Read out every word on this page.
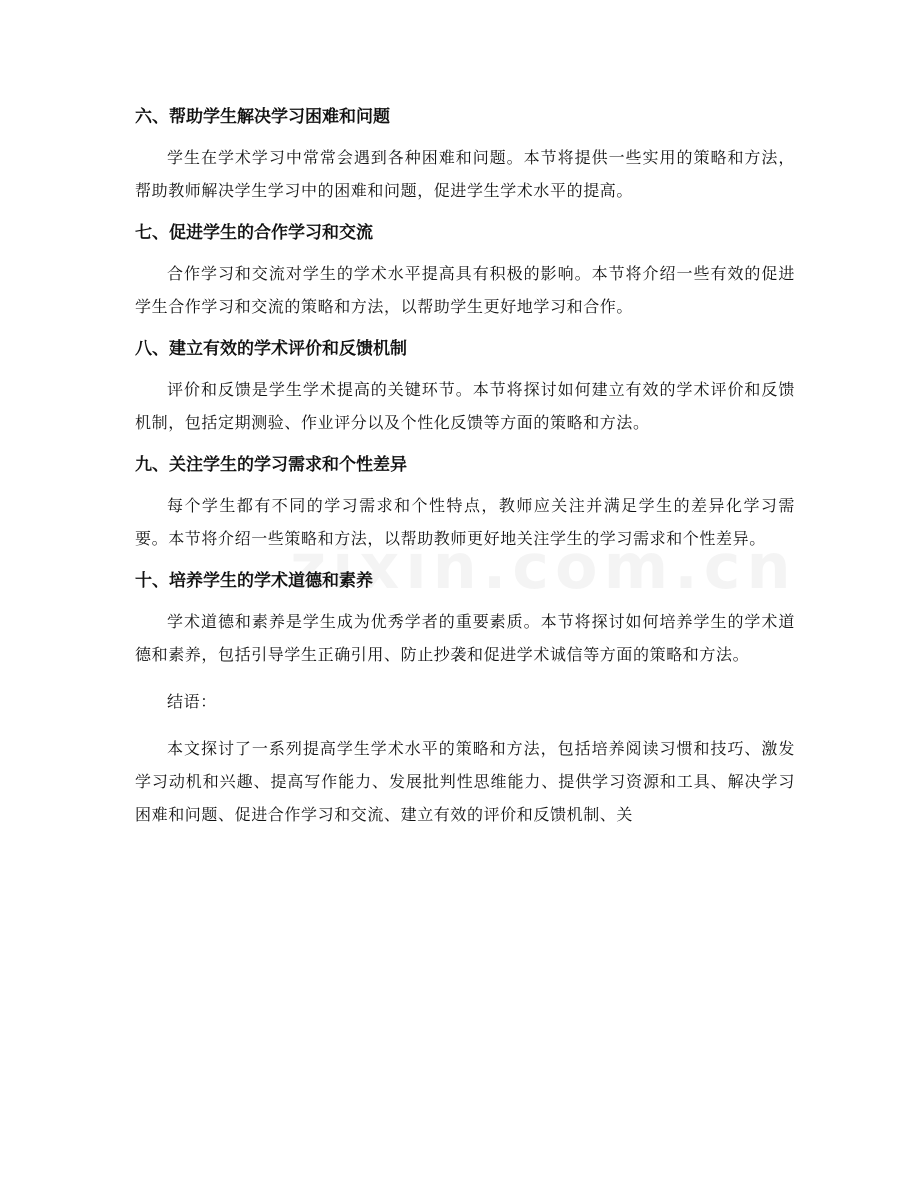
六、帮助学生解决学习困难和问题

学生在学术学习中常常会遇到各种困难和问题。本节将提供一些实用的策略和方法，帮助教师解决学生学习中的困难和问题，促进学生学术水平的提高。

七、促进学生的合作学习和交流

合作学习和交流对学生的学术水平提高具有积极的影响。本节将介绍一些有效的促进学生合作学习和交流的策略和方法，以帮助学生更好地学习和合作。

八、建立有效的学术评价和反馈机制

评价和反馈是学生学术提高的关键环节。本节将探讨如何建立有效的学术评价和反馈机制，包括定期测验、作业评分以及个性化反馈等方面的策略和方法。

九、关注学生的学习需求和个性差异

每个学生都有不同的学习需求和个性特点，教师应关注并满足学生的差异化学习需要。本节将介绍一些策略和方法，以帮助教师更好地关注学生的学习需求和个性差异。

十、培养学生的学术道德和素养

学术道德和素养是学生成为优秀学者的重要素质。本节将探讨如何培养学生的学术道德和素养，包括引导学生正确引用、防止抄袭和促进学术诚信等方面的策略和方法。

结语：

本文探讨了一系列提高学生学术水平的策略和方法，包括培养阅读习惯和技巧、激发学习动机和兴趣、提高写作能力、发展批判性思维能力、提供学习资源和工具、解决学习困难和问题、促进合作学习和交流、建立有效的评价和反馈机制、关
